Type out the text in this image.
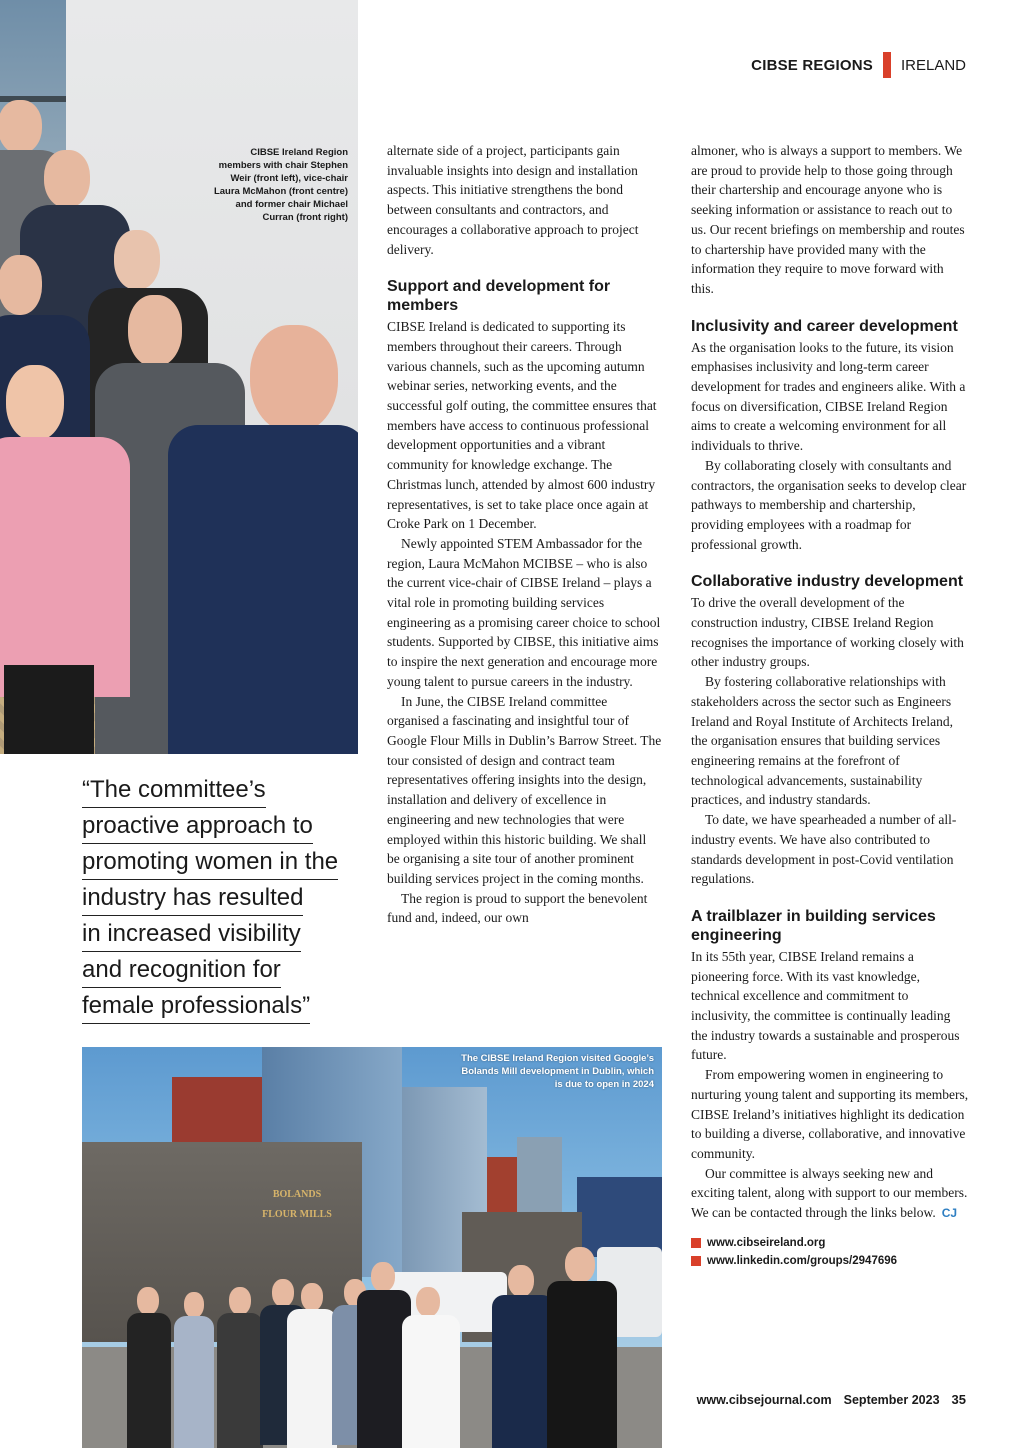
CIBSE REGIONS IRELAND
CIBSE Ireland Region members with chair Stephen Weir (front left), vice-chair Laura McMahon (front centre) and former chair Michael Curran (front right)
“The committee’s
proactive approach to
promoting women in the
industry has resulted
in increased visibility
and recognition for
female professionals”
BOLANDS
FLOUR MILLS
The CIBSE Ireland Region visited Google’s Bolands Mill development in Dublin, which is due to open in 2024

alternate side of a project, participants gain invaluable insights into design and installation aspects. This initiative strengthens the bond between consultants and contractors, and encourages a collaborative approach to project delivery.

Support and development for members

CIBSE Ireland is dedicated to supporting its members throughout their careers. Through various channels, such as the upcoming autumn webinar series, networking events, and the successful golf outing, the committee ensures that members have access to continuous professional development opportunities and a vibrant community for knowledge exchange. The Christmas lunch, attended by almost 600 industry representatives, is set to take place once again at Croke Park on 1 December.

Newly appointed STEM Ambassador for the region, Laura McMahon MCIBSE – who is also the current vice-chair of CIBSE Ireland – plays a vital role in promoting building services engineering as a promising career choice to school students. Supported by CIBSE, this initiative aims to inspire the next generation and encourage more young talent to pursue careers in the industry.

In June, the CIBSE Ireland committee organised a fascinating and insightful tour of Google Flour Mills in Dublin’s Barrow Street. The tour consisted of design and contract team representatives offering insights into the design, installation and delivery of excellence in engineering and new technologies that were employed within this historic building. We shall be organising a site tour of another prominent building services project in the coming months.

The region is proud to support the benevolent fund and, indeed, our own

almoner, who is always a support to members. We are proud to provide help to those going through their chartership and encourage anyone who is seeking information or assistance to reach out to us. Our recent briefings on membership and routes to chartership have provided many with the information they require to move forward with this.

Inclusivity and career development

As the organisation looks to the future, its vision emphasises inclusivity and long-term career development for trades and engineers alike. With a focus on diversification, CIBSE Ireland Region aims to create a welcoming environment for all individuals to thrive.

By collaborating closely with consultants and contractors, the organisation seeks to develop clear pathways to membership and chartership, providing employees with a roadmap for professional growth.

Collaborative industry development

To drive the overall development of the construction industry, CIBSE Ireland Region recognises the importance of working closely with other industry groups.

By fostering collaborative relationships with stakeholders across the sector such as Engineers Ireland and Royal Institute of Architects Ireland, the organisation ensures that building services engineering remains at the forefront of technological advancements, sustainability practices, and industry standards.

To date, we have spearheaded a number of all-industry events. We have also contributed to standards development in post-Covid ventilation regulations.

A trailblazer in building services engineering

In its 55th year, CIBSE Ireland remains a pioneering force. With its vast knowledge, technical excellence and commitment to inclusivity, the committee is continually leading the industry towards a sustainable and prosperous future.

From empowering women in engineering to nurturing young talent and supporting its members, CIBSE Ireland’s initiatives highlight its dedication to building a diverse, collaborative, and innovative community.

Our committee is always seeking new and exciting talent, along with support to our members. We can be contacted through the links below. CJ

www.cibseireland.org
www.linkedin.com/groups/2947696
www.cibsejournal.com September 2023 35
